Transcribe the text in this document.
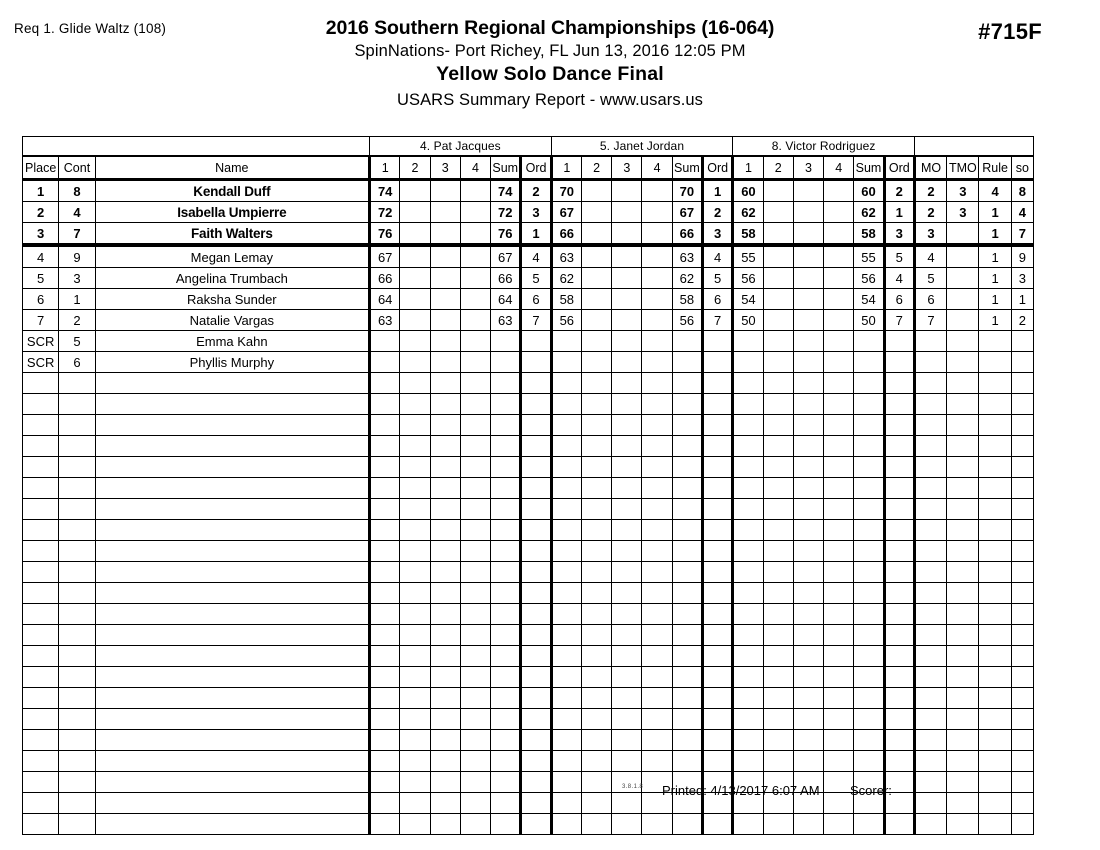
Req 1. Glide Waltz (108)	2016 Southern Regional Championships (16-064)
SpinNations- Port Richey, FL Jun 13, 2016 12:05 PM
Yellow Solo Dance Final
USARS Summary Report - www.usars.us
#715F
			4. Pat Jacques						5. Janet Jordan						8. Victor Rodriguez									
Place	Cont	Name	1	2	3	4	Sum	Ord	1	2	3	4	Sum	Ord	1	2	3	4	Sum	Ord	MO	TMO	Rule	so
1	8	Kendall Duff	74				74	2	70				70	1	60				60	2	2	3	4	8
2	4	Isabella Umpierre	72				72	3	67				67	2	62				62	1	2	3	1	4
3	7	Faith Walters	76				76	1	66				66	3	58				58	3	3		1	7
4	9	Megan Lemay	67				67	4	63				63	4	55				55	5	4		1	9
5	3	Angelina Trumbach	66				66	5	62				62	5	56				56	4	5		1	3
6	1	Raksha Sunder	64				64	6	58				58	6	54				54	6	6		1	1
7	2	Natalie Vargas	63				63	7	56				56	7	50				50	7	7		1	2
SCR	5	Emma Kahn																						
SCR	6	Phyllis Murphy																						

3.8.1.8 Printed: 4/13/2017 6:07 AM Scorer:
